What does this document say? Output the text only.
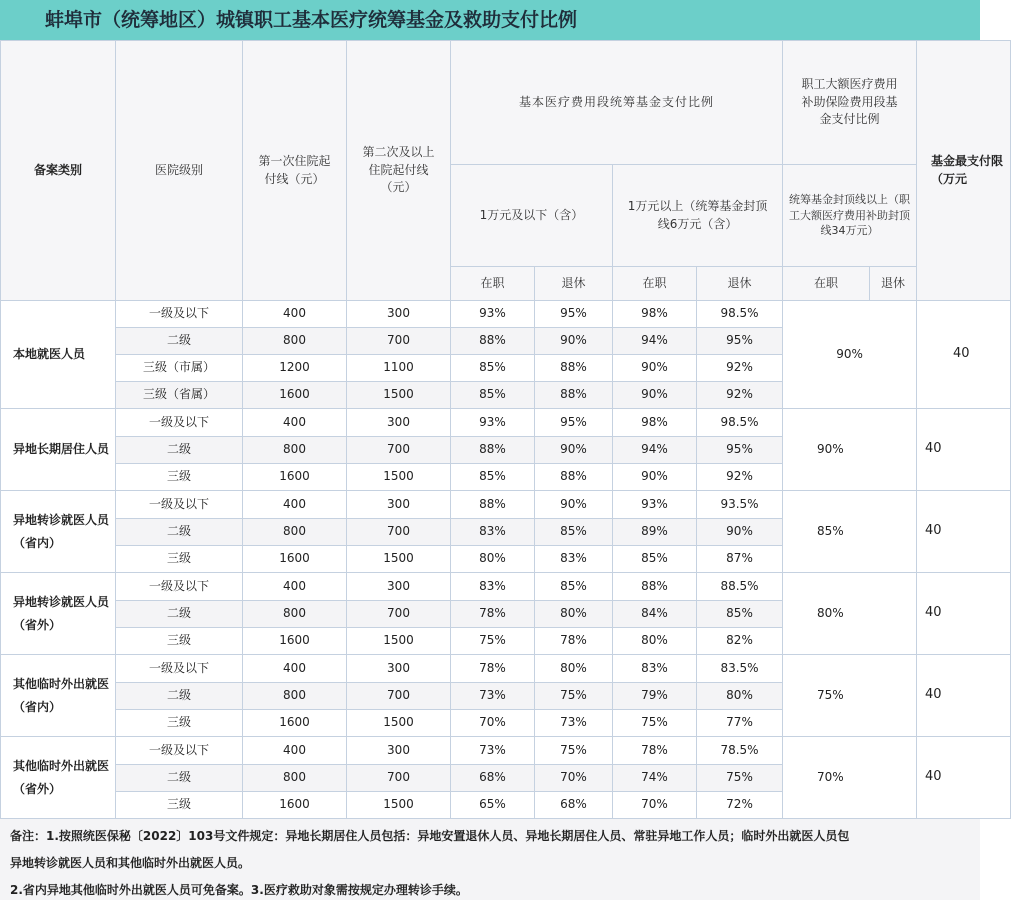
蚌埠市（统筹地区）城镇职工基本医疗统筹基金及救助支付比例
备案类别	医院级别	第一次住院起付线（元）	第二次及以上住院起付线（元）	基本医疗费用段统筹基金支付比例				职工大额医疗费用补助保险费用段基金支付比例		基金最支付限（万元
				1万元及以下（含）		1万元以上（统筹基金封顶线6万元（含）		统筹基金封顶线以上（职工大额医疗费用补助封顶线34万元）		
				在职	退休	在职	退休	在职	退休	
本地就医人员	一级及以下	400	300	93%	95%	98%	98.5%	90%		40
	二级	800	700	88%	90%	94%	95%			
	三级（市属）	1200	1100	85%	88%	90%	92%			
	三级（省属）	1600	1500	85%	88%	90%	92%			
异地长期居住人员	一级及以下	400	300	93%	95%	98%	98.5%	90%		40
	二级	800	700	88%	90%	94%	95%			
	三级	1600	1500	85%	88%	90%	92%			
异地转诊就医人员（省内）	一级及以下	400	300	88%	90%	93%	93.5%	85%		40
	二级	800	700	83%	85%	89%	90%			
	三级	1600	1500	80%	83%	85%	87%			
异地转诊就医人员（省外）	一级及以下	400	300	83%	85%	88%	88.5%	80%		40
	二级	800	700	78%	80%	84%	85%			
	三级	1600	1500	75%	78%	80%	82%			
其他临时外出就医（省内）	一级及以下	400	300	78%	80%	83%	83.5%	75%		40
	二级	800	700	73%	75%	79%	80%			
	三级	1600	1500	70%	73%	75%	77%			
其他临时外出就医（省外）	一级及以下	400	300	73%	75%	78%	78.5%	70%		40
	二级	800	700	68%	70%	74%	75%			
	三级	1600	1500	65%	68%	70%	72%			

备注：1.按照统医保秘〔2022〕103号文件规定：异地长期居住人员包括：异地安置退休人员、异地长期居住人员、常驻异地工作人员；临时外出就医人员包

异地转诊就医人员和其他临时外出就医人员。

2.省内异地其他临时外出就医人员可免备案。3.医疗救助对象需按规定办理转诊手续。
